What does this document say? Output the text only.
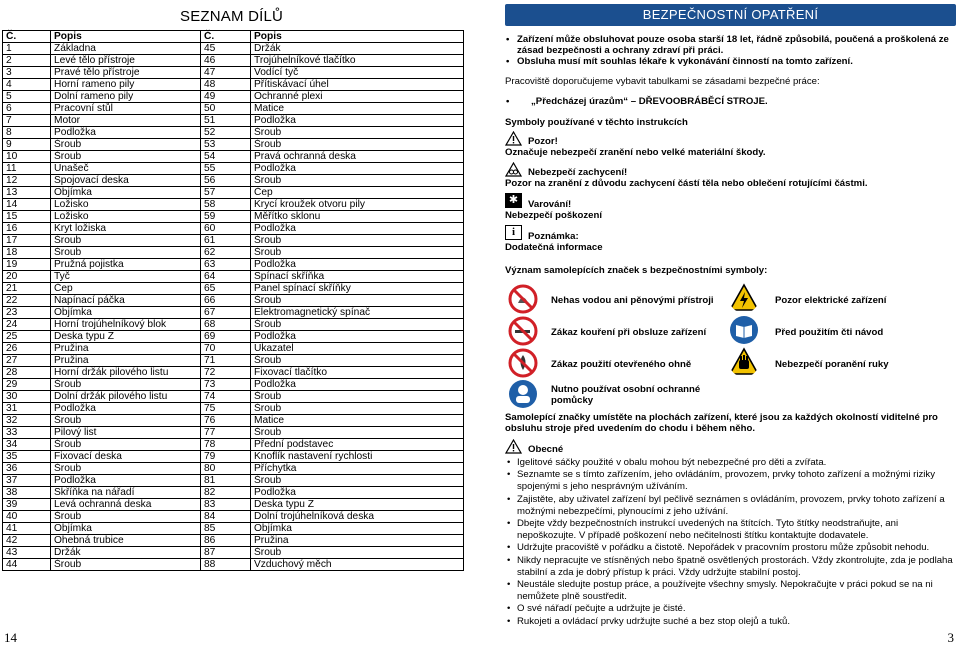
SEZNAM DÍLŮ
Č.	Popis	Č.	Popis
1	Základna	45	Držák
2	Levé tělo přístroje	46	Trojúhelníkové tlačítko
3	Pravé tělo přístroje	47	Vodící tyč
4	Horní rameno pily	48	Přítiskávací úhel
5	Dolní rameno pily	49	Ochranné plexi
6	Pracovní stůl	50	Matice
7	Motor	51	Podložka
8	Podložka	52	Šroub
9	Šroub	53	Šroub
10	Šroub	54	Pravá ochranná deska
11	Unašeč	55	Podložka
12	Spojovací deska	56	Šroub
13	Objímka	57	Čep
14	Ložisko	58	Krycí kroužek otvoru pily
15	Ložisko	59	Měřítko sklonu
16	Kryt ložiska	60	Podložka
17	Šroub	61	Šroub
18	Šroub	62	Šroub
19	Pružná pojistka	63	Podložka
20	Tyč	64	Spínací skříňka
21	Čep	65	Panel spínací skříňky
22	Napínací páčka	66	Šroub
23	Objímka	67	Elektromagnetický spínač
24	Horní trojúhelníkový blok	68	Šroub
25	Deska typu Z	69	Podložka
26	Pružina	70	Ukazatel
27	Pružina	71	Šroub
28	Horní držák pilového listu	72	Fixovací tlačítko
29	Šroub	73	Podložka
30	Dolní držák pilového listu	74	Šroub
31	Podložka	75	Šroub
32	Šroub	76	Matice
33	Pilový list	77	Šroub
34	Šroub	78	Přední podstavec
35	Fixovací deska	79	Knoflík nastavení rychlosti
36	Šroub	80	Příchytka
37	Podložka	81	Šroub
38	Skříňka na nářadí	82	Podložka
39	Levá ochranná deska	83	Deska typu Z
40	Šroub	84	Dolní trojúhelníková deska
41	Objímka	85	Objímka
42	Ohebná trubice	86	Pružina
43	Držák	87	Šroub
44	Šroub	88	Vzduchový měch
14
BEZPEČNOSTNÍ OPATŘENÍ
• Zařízení může obsluhovat pouze osoba starší 18 let, řádně způsobilá, poučená a proškolená ze zásad bezpečnosti a ochrany zdraví při práci.
• Obsluha musí mít souhlas lékaře k vykonávání činností na tomto zařízení.

Pracoviště doporučujeme vybavit tabulkami se zásadami bezpečné práce:

• „Předcházej úrazům“ – DŘEVOOBRÁBĚCÍ STROJE.

Symboly používané v těchto instrukcích

Pozor!
Označuje nebezpečí zranění nebo velké materiální škody.
Nebezpečí zachycení!
Pozor na zranění z důvodu zachycení částí těla nebo oblečení rotujícími částmi.
✱	Varování!
Nebezpečí poškození
i	Poznámka:
Dodatečná informace

Význam samolepících značek s bezpečnostními symboly:

Nehas vodou ani pěnovými přístroji	Pozor elektrické zařízení
Zákaz kouření při obsluze zařízení	Před použitím čti návod
Zákaz použití otevřeného ohně	Nebezpečí poranění ruky
Nutno používat osobní ochranné pomůcky

Samolepící značky umístěte na plochách zařízení, které jsou za každých okolností viditelné pro obsluhu stroje před uvedením do chodu i během něho.

Obecné
• Igelitové sáčky použité v obalu mohou být nebezpečné pro děti a zvířata.
• Seznamte se s tímto zařízením, jeho ovládáním, provozem, prvky tohoto zařízení a možnými riziky spojenými s jeho nesprávným užíváním.
• Zajistěte, aby uživatel zařízení byl pečlivě seznámen s ovládáním, provozem, prvky tohoto zařízení a možnými nebezpečími, plynoucími z jeho užívání.
• Dbejte vždy bezpečnostních instrukcí uvedených na štítcích. Tyto štítky neodstraňujte, ani nepoškozujte. V případě poškození nebo nečitelnosti štítku kontaktujte dodavatele.
• Udržujte pracoviště v pořádku a čistotě. Nepořádek v pracovním prostoru může způsobit nehodu.
• Nikdy nepracujte ve stísněných nebo špatně osvětlených prostorách. Vždy zkontrolujte, zda je podlaha stabilní a zda je dobrý přístup k práci. Vždy udržujte stabilní postoj.
• Neustále sledujte postup práce, a používejte všechny smysly. Nepokračujte v práci pokud se na ni nemůžete plně soustředit.
• O své nářadí pečujte a udržujte je čisté.
• Rukojeti a ovládací prvky udržujte suché a bez stop olejů a tuků.
3
